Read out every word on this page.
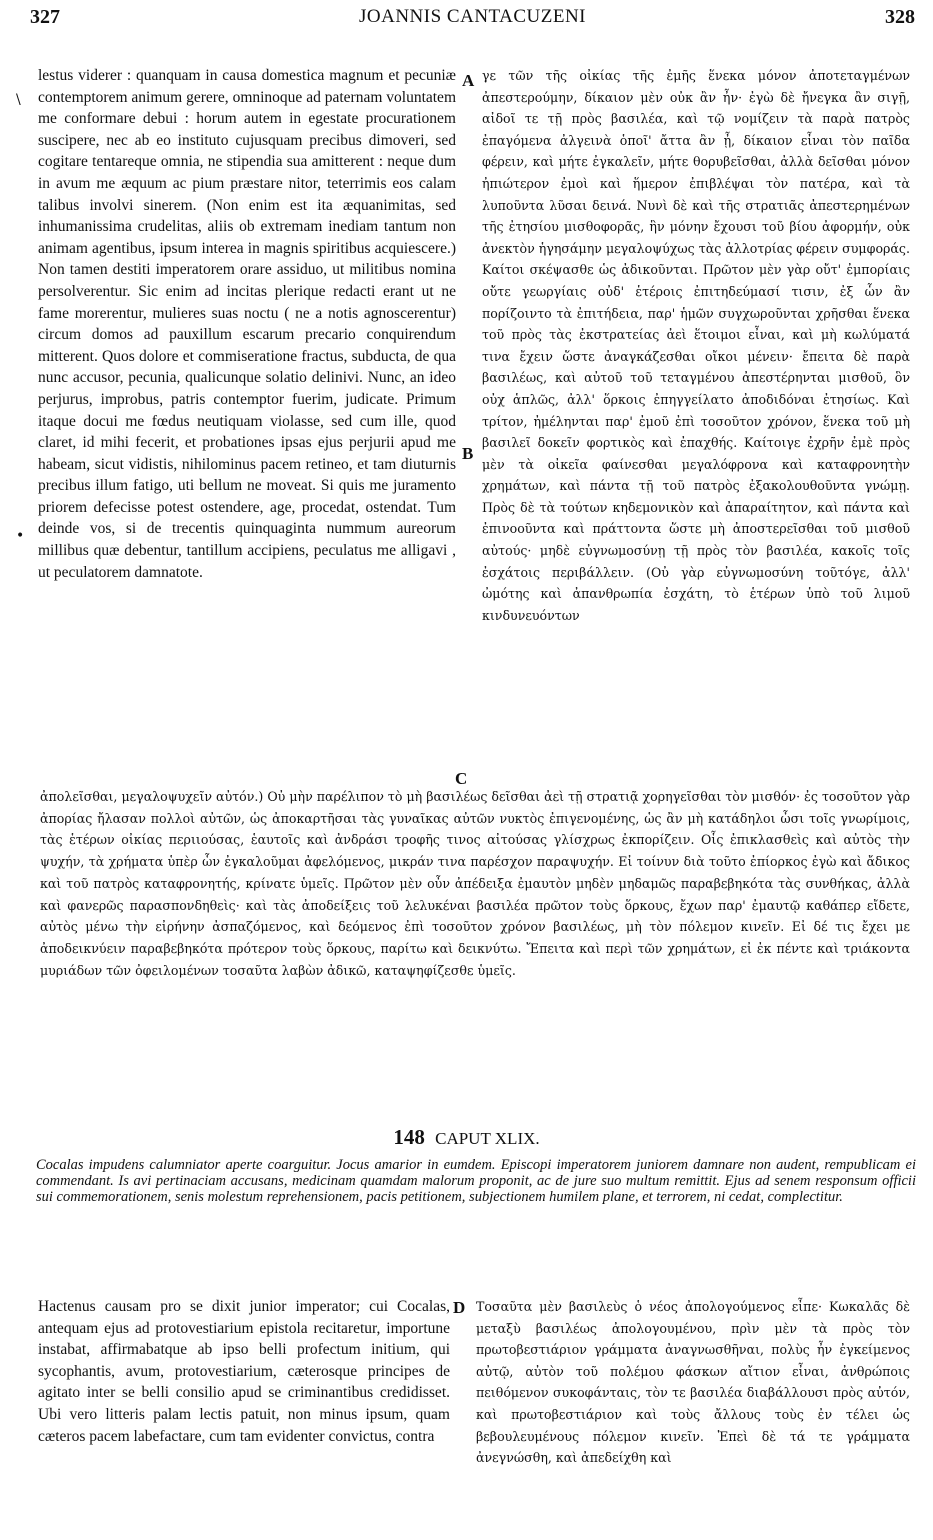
327	JOANNIS CANTACUZENI	328
\
•

lestus viderer : quanquam in causa domestica magnum et pecuniæ contemptorem animum gerere, omninoque ad paternam voluntatem me conformare debui : horum autem in egestate procurationem suscipere, nec ab eo instituto cujusquam precibus dimoveri, sed cogitare tentareque omnia, ne stipendia sua amitterent : neque dum in avum me æquum ac pium præstare nitor, teterrimis eos calam talibus involvi sinerem. (Non enim est ita æquanimitas, sed inhumanissima crudelitas, aliis ob extremam inediam tantum non animam agentibus, ipsum interea in magnis spiritibus acquiescere.) Non tamen destiti imperatorem orare assiduo, ut militibus nomina persolverentur. Sic enim ad incitas plerique redacti erant ut ne fame morerentur, mulieres suas noctu ( ne a notis agnoscerentur) circum domos ad pauxillum escarum precario conquirendum mitterent. Quos dolore et commiseratione fractus, subducta, de qua nunc accusor, pecunia, qualicunque solatio delinivi. Nunc, an ideo perjurus, improbus, patris contemptor fuerim, judicate. Primum itaque docui me fœdus neutiquam violasse, sed cum ille, quod claret, id mihi fecerit, et probationes ipsas ejus perjurii apud me habeam, sicut vidistis, nihilominus pacem retineo, et tam diuturnis precibus illum fatigo, uti bellum ne moveat. Si quis me juramento priorem defecisse potest ostendere, age, procedat, ostendat. Tum deinde vos, si de trecentis quinquaginta nummum aureorum millibus quæ debentur, tantillum accipiens, peculatus me alligavi , ut peculatorem damnatote.

A
B
C

γε τῶν τῆς οἰκίας τῆς ἐμῆς ἕνεκα μόνον ἀποτεταγμένων ἀπεστερούμην, δίκαιον μὲν οὐκ ἂν ἦν· ἐγὼ δὲ ἤνεγκα ἂν σιγῇ, αἰδοῖ τε τῇ πρὸς βασιλέα, καὶ τῷ νομίζειν τὰ παρὰ πατρὸς ἐπαγόμενα ἀλγεινὰ ὁποῖ' ἄττα ἂν ᾖ, δίκαιον εἶναι τὸν παῖδα φέρειν, καὶ μήτε ἐγκαλεῖν, μήτε θορυβεῖσθαι, ἀλλὰ δεῖσθαι μόνον ἠπιώτερον ἐμοὶ καὶ ἥμερον ἐπιβλέψαι τὸν πατέρα, καὶ τὰ λυποῦντα λῦσαι δεινά. Νυνὶ δὲ καὶ τῆς στρατιᾶς ἀπεστερημένων τῆς ἐτησίου μισθοφορᾶς, ἣν μόνην ἔχουσι τοῦ βίου ἀφορμήν, οὐκ ἀνεκτὸν ἡγησάμην μεγαλοψύχως τὰς ἀλλοτρίας φέρειν συμφοράς. Καίτοι σκέψασθε ὡς ἀδικοῦνται. Πρῶτον μὲν γὰρ οὔτ' ἐμπορίαις οὔτε γεωργίαις οὐδ' ἑτέροις ἐπιτηδεύμασί τισιν, ἐξ ὧν ἂν πορίζοιντο τὰ ἐπιτήδεια, παρ' ἡμῶν συγχωροῦνται χρῆσθαι ἕνεκα τοῦ πρὸς τὰς ἐκστρατείας ἀεὶ ἕτοιμοι εἶναι, καὶ μὴ κωλύματά τινα ἔχειν ὥστε ἀναγκάζεσθαι οἴκοι μένειν· ἔπειτα δὲ παρὰ βασιλέως, καὶ αὐτοῦ τοῦ τεταγμένου ἀπεστέρηνται μισθοῦ, ὃν οὐχ ἁπλῶς, ἀλλ' ὅρκοις ἐπηγγείλατο ἀποδιδόναι ἐτησίως. Καὶ τρίτον, ἠμέληνται παρ' ἐμοῦ ἐπὶ τοσοῦτον χρόνον, ἕνεκα τοῦ μὴ βασιλεῖ δοκεῖν φορτικὸς καὶ ἐπαχθής. Καίτοιγε ἐχρῆν ἐμὲ πρὸς μὲν τὰ οἰκεῖα φαίνεσθαι μεγαλόφρονα καὶ καταφρονητὴν χρημάτων, καὶ πάντα τῇ τοῦ πατρὸς ἐξακολουθοῦντα γνώμῃ. Πρὸς δὲ τὰ τούτων κηδεμονικὸν καὶ ἀπαραίτητον, καὶ πάντα καὶ ἐπινοοῦντα καὶ πράττοντα ὥστε μὴ ἀποστερεῖσθαι τοῦ μισθοῦ αὐτούς· μηδὲ εὐγνωμοσύνῃ τῇ πρὸς τὸν βασιλέα, κακοῖς τοῖς ἐσχάτοις περιβάλλειν. (Οὐ γὰρ εὐγνωμοσύνη τοῦτόγε, ἀλλ' ὠμότης καὶ ἀπανθρωπία ἐσχάτη, τὸ ἑτέρων ὑπὸ τοῦ λιμοῦ κινδυνευόντων

ἀπολεῖσθαι, μεγαλοψυχεῖν αὐτόν.) Οὐ μὴν παρέλιπον τὸ μὴ βασιλέως δεῖσθαι ἀεὶ τῇ στρατιᾷ χορηγεῖσθαι τὸν μισθόν· ἐς τοσοῦτον γὰρ ἀπορίας ἤλασαν πολλοὶ αὐτῶν, ὡς ἀποκαρτῆσαι τὰς γυναῖκας αὐτῶν νυκτὸς ἐπιγενομένης, ὡς ἂν μὴ κατάδηλοι ὦσι τοῖς γνωρίμοις, τὰς ἑτέρων οἰκίας περιιούσας, ἑαυτοῖς καὶ ἀνδράσι τροφῆς τινος αἰτούσας γλίσχρως ἐκπορίζειν. Οἷς ἐπικλασθεὶς καὶ αὐτὸς τὴν ψυχήν, τὰ χρήματα ὑπὲρ ὧν ἐγκαλοῦμαι ἀφελόμενος, μικράν τινα παρέσχον παραψυχήν. Εἰ τοίνυν διὰ τοῦτο ἐπίορκος ἐγὼ καὶ ἄδικος καὶ τοῦ πατρὸς καταφρονητής, κρίνατε ὑμεῖς. Πρῶτον μὲν οὖν ἀπέδειξα ἐμαυτὸν μηδὲν μηδαμῶς παραβεβηκότα τὰς συνθήκας, ἀλλὰ καὶ φανερῶς παρασπονδηθεὶς· καὶ τὰς ἀποδείξεις τοῦ λελυκέναι βασιλέα πρῶτον τοὺς ὅρκους, ἔχων παρ' ἐμαυτῷ καθάπερ εἴδετε, αὐτὸς μένω τὴν εἰρήνην ἀσπαζόμενος, καὶ δεόμενος ἐπὶ τοσοῦτον χρόνον βασιλέως, μὴ τὸν πόλεμον κινεῖν. Εἰ δέ τις ἔχει με ἀποδεικνύειν παραβεβηκότα πρότερον τοὺς ὅρκους, παρίτω καὶ δεικνύτω. Ἔπειτα καὶ περὶ τῶν χρημάτων, εἰ ἐκ πέντε καὶ τριάκοντα μυριάδων τῶν ὀφειλομένων τοσαῦτα λαβὼν ἀδικῶ, καταψηφίζεσθε ὑμεῖς.

148 CAPUT XLIX.

Cocalas impudens calumniator aperte coarguitur. Jocus amarior in eumdem. Episcopi imperatorem juniorem damnare non audent, rempublicam ei commendant. Is avi pertinaciam accusans, medicinam quamdam malorum proponit, ac de jure suo multum remittit. Ejus ad senem responsum officii sui commemorationem, senis molestum reprehensionem, pacis petitionem, subjectionem humilem plane, et terrorem, ni cedat, complectitur.

Hactenus causam pro se dixit junior imperator; cui Cocalas, antequam ejus ad protovestiarium epistola recitaretur, importune instabat, affirmabatque ab ipso belli profectum initium, qui sycophantis, avum, protovestiarium, cæterosque principes de agitato inter se belli consilio apud se criminantibus credidisset. Ubi vero litteris palam lectis patuit, non minus ipsum, quam cæteros pacem labefactare, cum tam evidenter convictus, contra

D Τοσαῦτα μὲν βασιλεὺς ὁ νέος ἀπολογούμενος εἶπε· Κωκαλᾶς δὲ μεταξὺ βασιλέως ἀπολογουμένου, πρὶν μὲν τὰ πρὸς τὸν πρωτοβεστιάριον γράμματα ἀναγνωσθῆναι, πολὺς ἦν ἐγκείμενος αὐτῷ, αὐτὸν τοῦ πολέμου φάσκων αἴτιον εἶναι, ἀνθρώποις πειθόμενον συκοφάνταις, τὸν τε βασιλέα διαβάλλουσι πρὸς αὐτόν, καὶ πρωτοβεστιάριον καὶ τοὺς ἄλλους τοὺς ἐν τέλει ὡς βεβουλευμένους πόλεμον κινεῖν. Ἐπεὶ δὲ τά τε γράμματα ἀνεγνώσθη, καὶ ἀπεδείχθη καὶ
